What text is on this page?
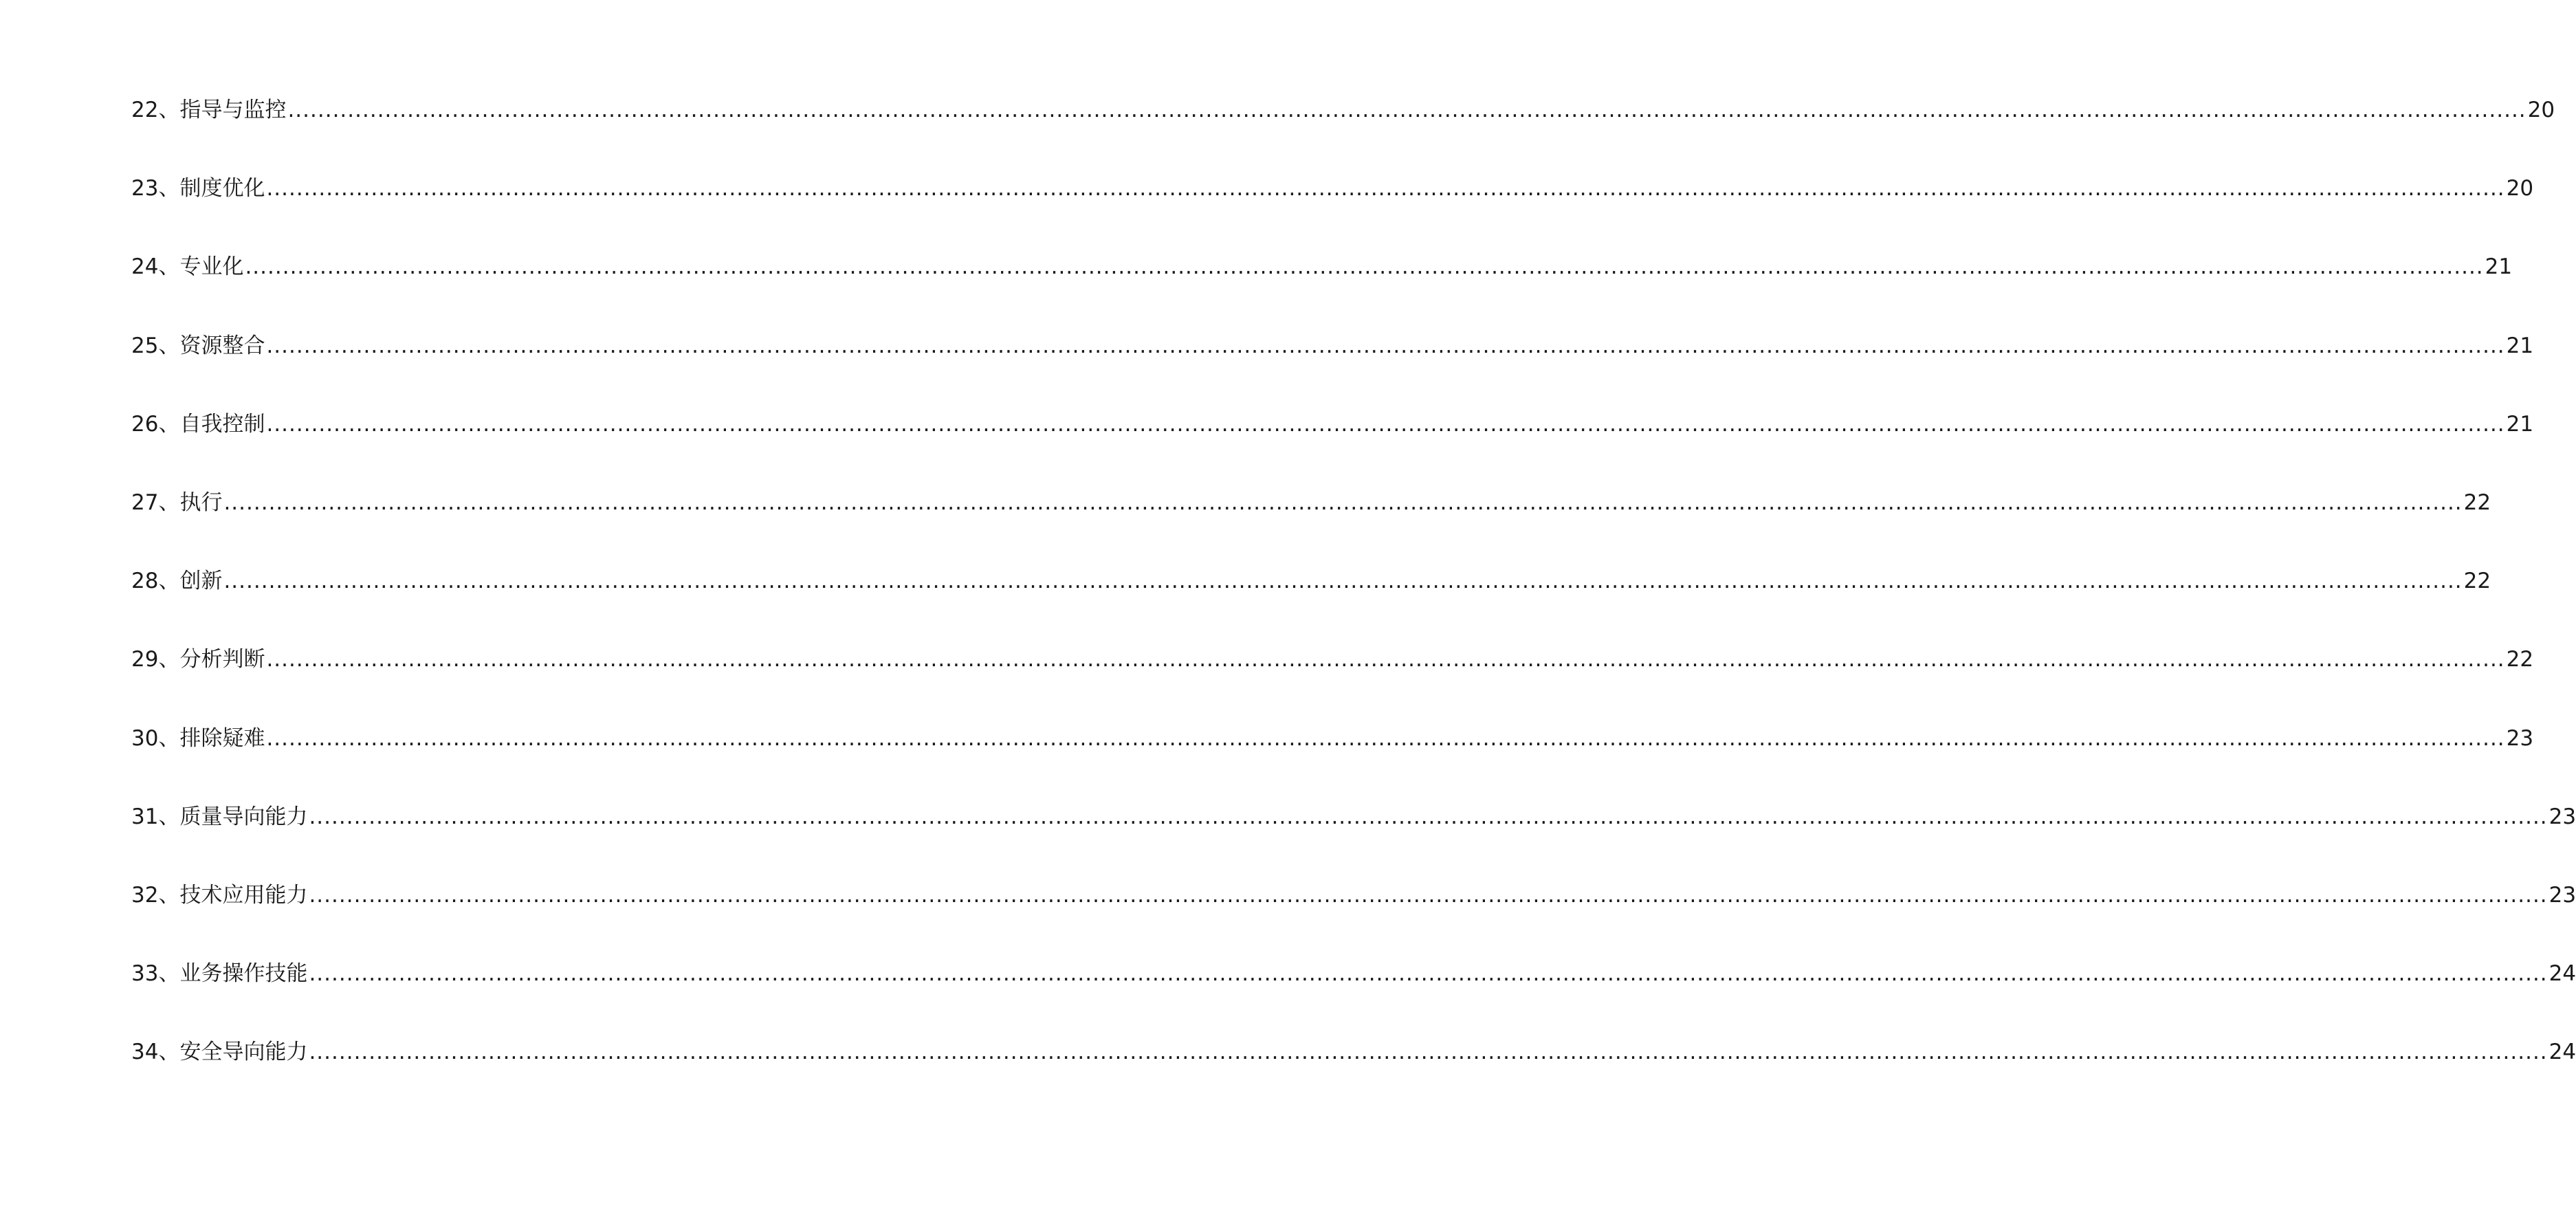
22、指导与监控 ............................................................................................................................................................................................................................................................................................................ 20
23、制度优化 ............................................................................................................................................................................................................................................................................................................ 20
24、专业化 ............................................................................................................................................................................................................................................................................................................ 21
25、资源整合 ............................................................................................................................................................................................................................................................................................................ 21
26、自我控制 ............................................................................................................................................................................................................................................................................................................ 21
27、执行 ............................................................................................................................................................................................................................................................................................................ 22
28、创新 ............................................................................................................................................................................................................................................................................................................ 22
29、分析判断 ............................................................................................................................................................................................................................................................................................................ 22
30、排除疑难 ............................................................................................................................................................................................................................................................................................................ 23
31、质量导向能力 ............................................................................................................................................................................................................................................................................................................ 23
32、技术应用能力 ............................................................................................................................................................................................................................................................................................................ 23
33、业务操作技能 ............................................................................................................................................................................................................................................................................................................ 24
34、安全导向能力 ............................................................................................................................................................................................................................................................................................................ 24
